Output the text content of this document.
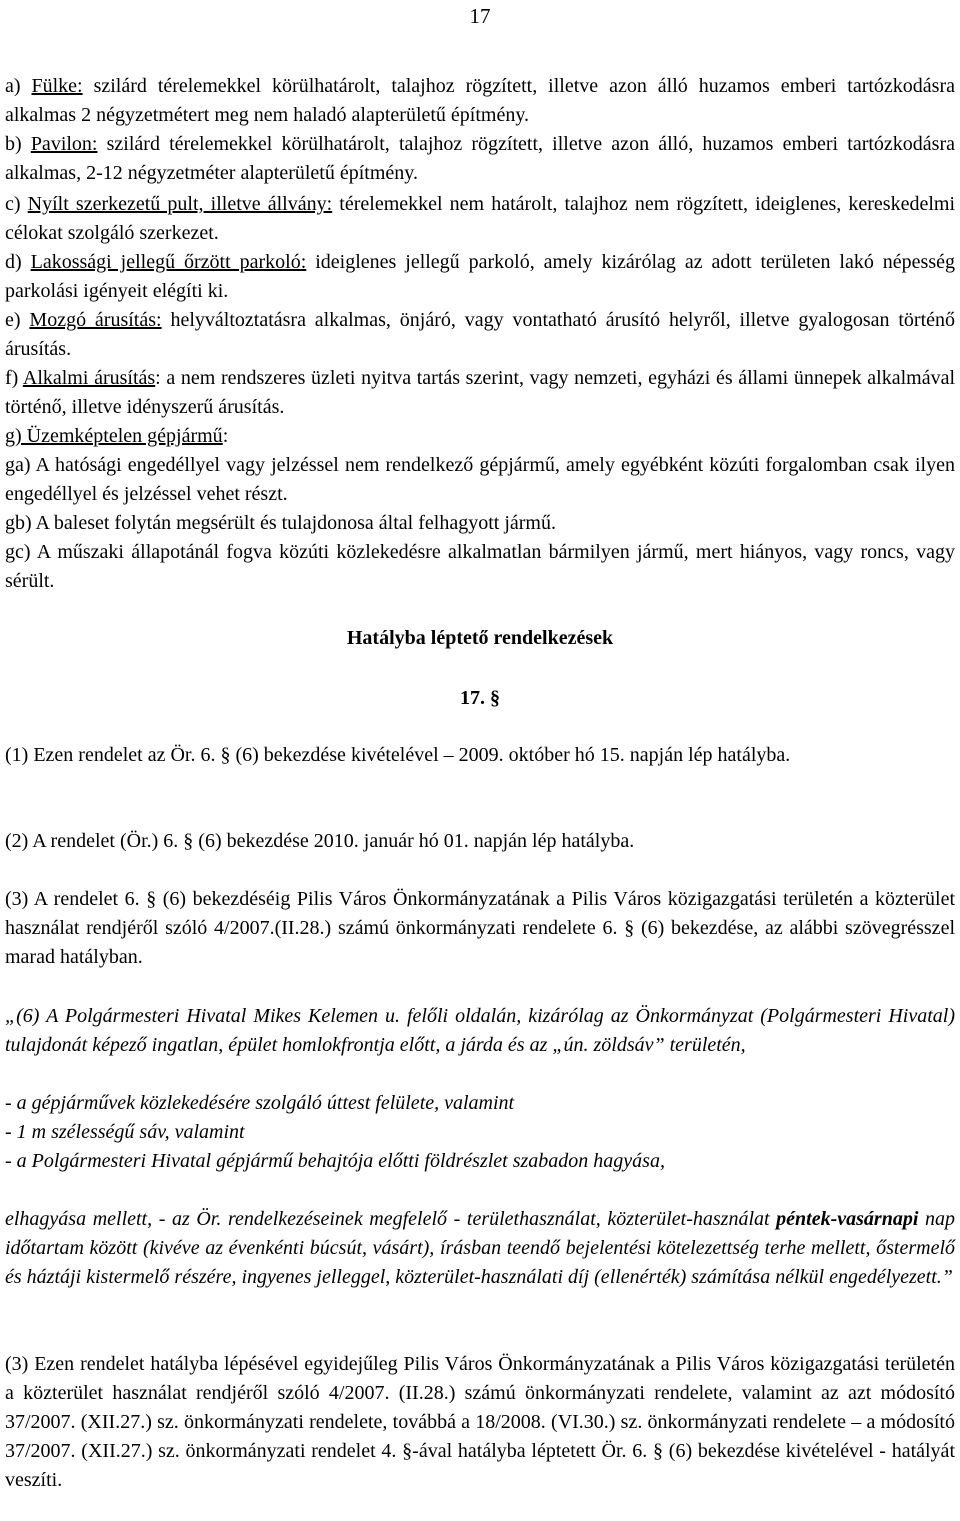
17
a) Fülke: szilárd térelemekkel körülhatárolt, talajhoz rögzített, illetve azon álló huzamos emberi tartózkodásra alkalmas 2 négyzetmétert meg nem haladó alapterületű építmény.
b) Pavilon: szilárd térelemekkel körülhatárolt, talajhoz rögzített, illetve azon álló, huzamos emberi tartózkodásra alkalmas, 2-12 négyzetméter alapterületű építmény.
c) Nyílt szerkezetű pult, illetve állvány: térelemekkel nem határolt, talajhoz nem rögzített, ideiglenes, kereskedelmi célokat szolgáló szerkezet.
d) Lakossági jellegű őrzött parkoló: ideiglenes jellegű parkoló, amely kizárólag az adott területen lakó népesség parkolási igényeit elégíti ki.
e) Mozgó árusítás: helyváltoztatásra alkalmas, önjáró, vagy vontatható árusító helyről, illetve gyalogosan történő árusítás.
f) Alkalmi árusítás: a nem rendszeres üzleti nyitva tartás szerint, vagy nemzeti, egyházi és állami ünnepek alkalmával történő, illetve idényszerű árusítás.
g) Üzemképtelen gépjármű:
ga) A hatósági engedéllyel vagy jelzéssel nem rendelkező gépjármű, amely egyébként közúti forgalomban csak ilyen engedéllyel és jelzéssel vehet részt.
gb) A baleset folytán megsérült és tulajdonosa által felhagyott jármű.
gc) A műszaki állapotánál fogva közúti közlekedésre alkalmatlan bármilyen jármű, mert hiányos, vagy roncs, vagy sérült.
Hatályba léptető rendelkezések
17. §
(1) Ezen rendelet az Ör. 6. § (6) bekezdése kivételével – 2009. október hó 15. napján lép hatályba.
(2) A rendelet (Ör.) 6. § (6) bekezdése 2010. január hó 01. napján lép hatályba.
(3) A rendelet 6. § (6) bekezdéséig Pilis Város Önkormányzatának a Pilis Város közigazgatási területén a közterület használat rendjéről szóló 4/2007.(II.28.) számú önkormányzati rendelete 6. § (6) bekezdése, az alábbi szövegrésszel marad hatályban.
„(6) A Polgármesteri Hivatal Mikes Kelemen u. felőli oldalán, kizárólag az Önkormányzat (Polgármesteri Hivatal) tulajdonát képező ingatlan, épület homlokfrontja előtt, a járda és az „ún. zöldsáv” területén,
- a gépjárművek közlekedésére szolgáló úttest felülete, valamint
- 1 m szélességű sáv, valamint
- a Polgármesteri Hivatal gépjármű behajtója előtti földrészlet szabadon hagyása,
elhagyása mellett, - az Ör. rendelkezéseinek megfelelő - területhasználat, közterület-használat péntek-vasárnapi nap időtartam között (kivéve az évenkénti búcsút, vásárt), írásban teendő bejelentési kötelezettség terhe mellett, őstermelő és háztáji kistermelő részére, ingyenes jelleggel, közterület-használati díj (ellenérték) számítása nélkül engedélyezett.”
(3) Ezen rendelet hatályba lépésével egyidejűleg Pilis Város Önkormányzatának a Pilis Város közigazgatási területén a közterület használat rendjéről szóló 4/2007. (II.28.) számú önkormányzati rendelete, valamint az azt módosító 37/2007. (XII.27.) sz. önkormányzati rendelete, továbbá a 18/2008. (VI.30.) sz. önkormányzati rendelete – a módosító 37/2007. (XII.27.) sz. önkormányzati rendelet 4. §-ával hatályba léptetett Ör. 6. § (6) bekezdése kivételével - hatályát veszíti.
